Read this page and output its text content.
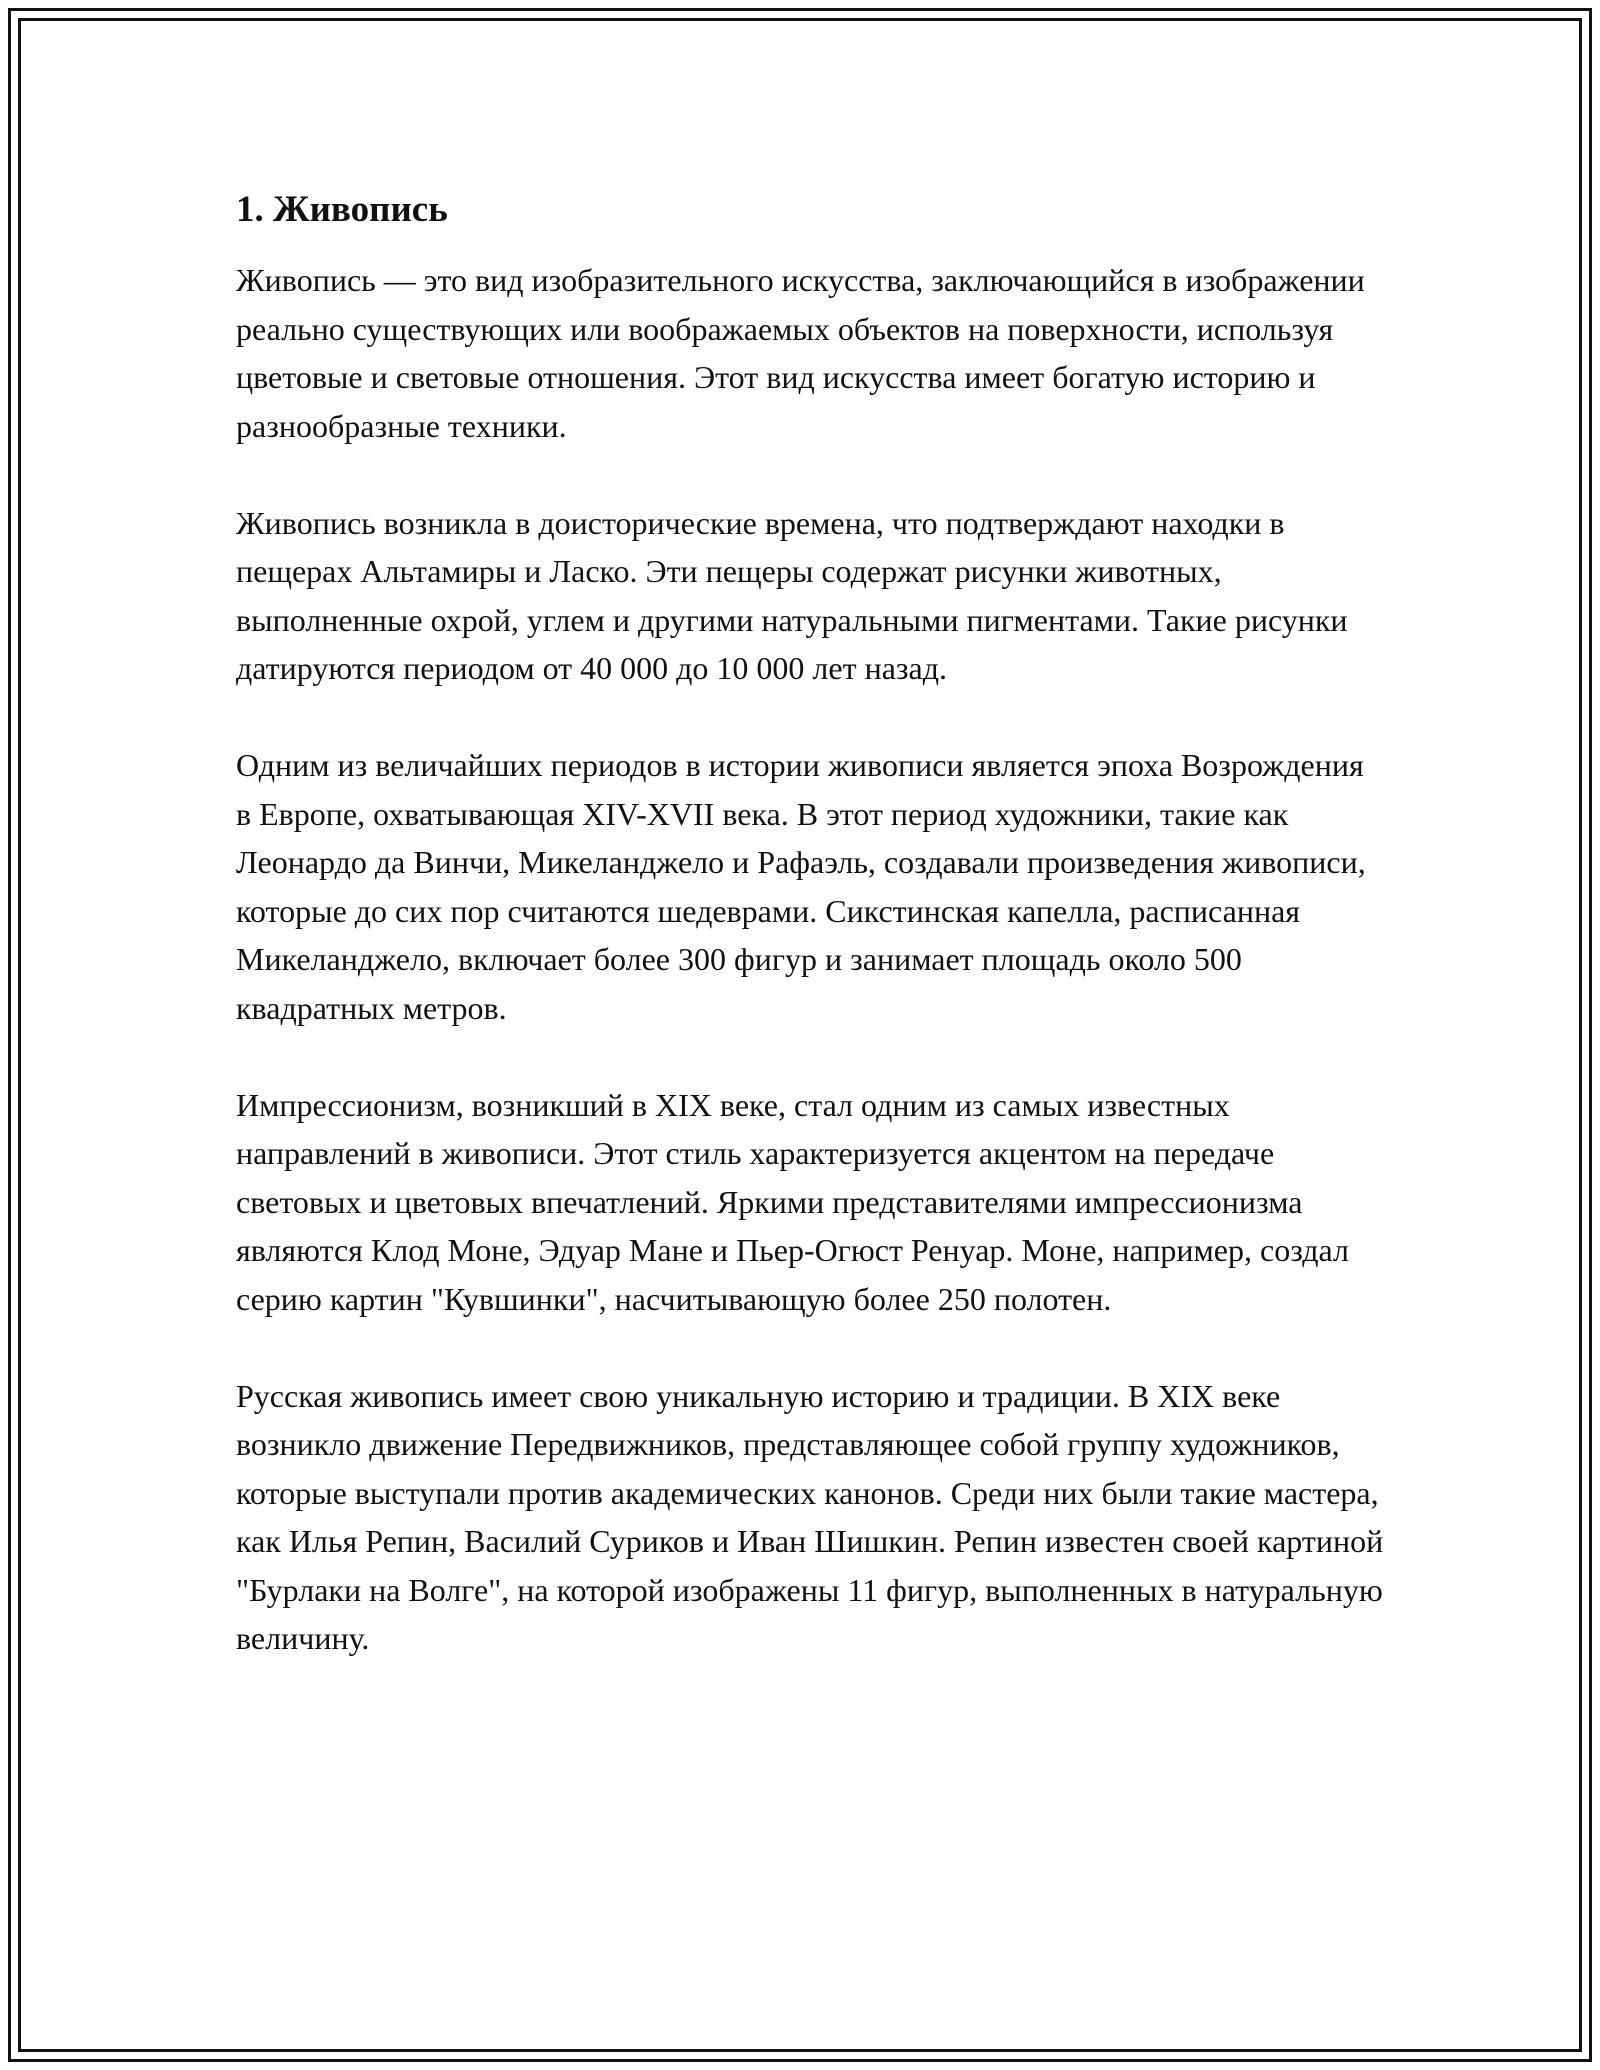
1. Живопись

Живопись — это вид изобразительного искусства, заключающийся в изображении реально существующих или воображаемых объектов на поверхности, используя цветовые и световые отношения. Этот вид искусства имеет богатую историю и разнообразные техники.

Живопись возникла в доисторические времена, что подтверждают находки в пещерах Альтамиры и Ласко. Эти пещеры содержат рисунки животных, выполненные охрой, углем и другими натуральными пигментами. Такие рисунки датируются периодом от 40 000 до 10 000 лет назад.

Одним из величайших периодов в истории живописи является эпоха Возрождения в Европе, охватывающая XIV-XVII века. В этот период художники, такие как Леонардо да Винчи, Микеланджело и Рафаэль, создавали произведения живописи, которые до сих пор считаются шедеврами. Сикстинская капелла, расписанная Микеланджело, включает более 300 фигур и занимает площадь около 500 квадратных метров.

Импрессионизм, возникший в XIX веке, стал одним из самых известных направлений в живописи. Этот стиль характеризуется акцентом на передаче световых и цветовых впечатлений. Яркими представителями импрессионизма являются Клод Моне, Эдуар Мане и Пьер-Огюст Ренуар. Моне, например, создал серию картин "Кувшинки", насчитывающую более 250 полотен.

Русская живопись имеет свою уникальную историю и традиции. В XIX веке возникло движение Передвижников, представляющее собой группу художников, которые выступали против академических канонов. Среди них были такие мастера, как Илья Репин, Василий Суриков и Иван Шишкин. Репин известен своей картиной "Бурлаки на Волге", на которой изображены 11 фигур, выполненных в натуральную величину.
